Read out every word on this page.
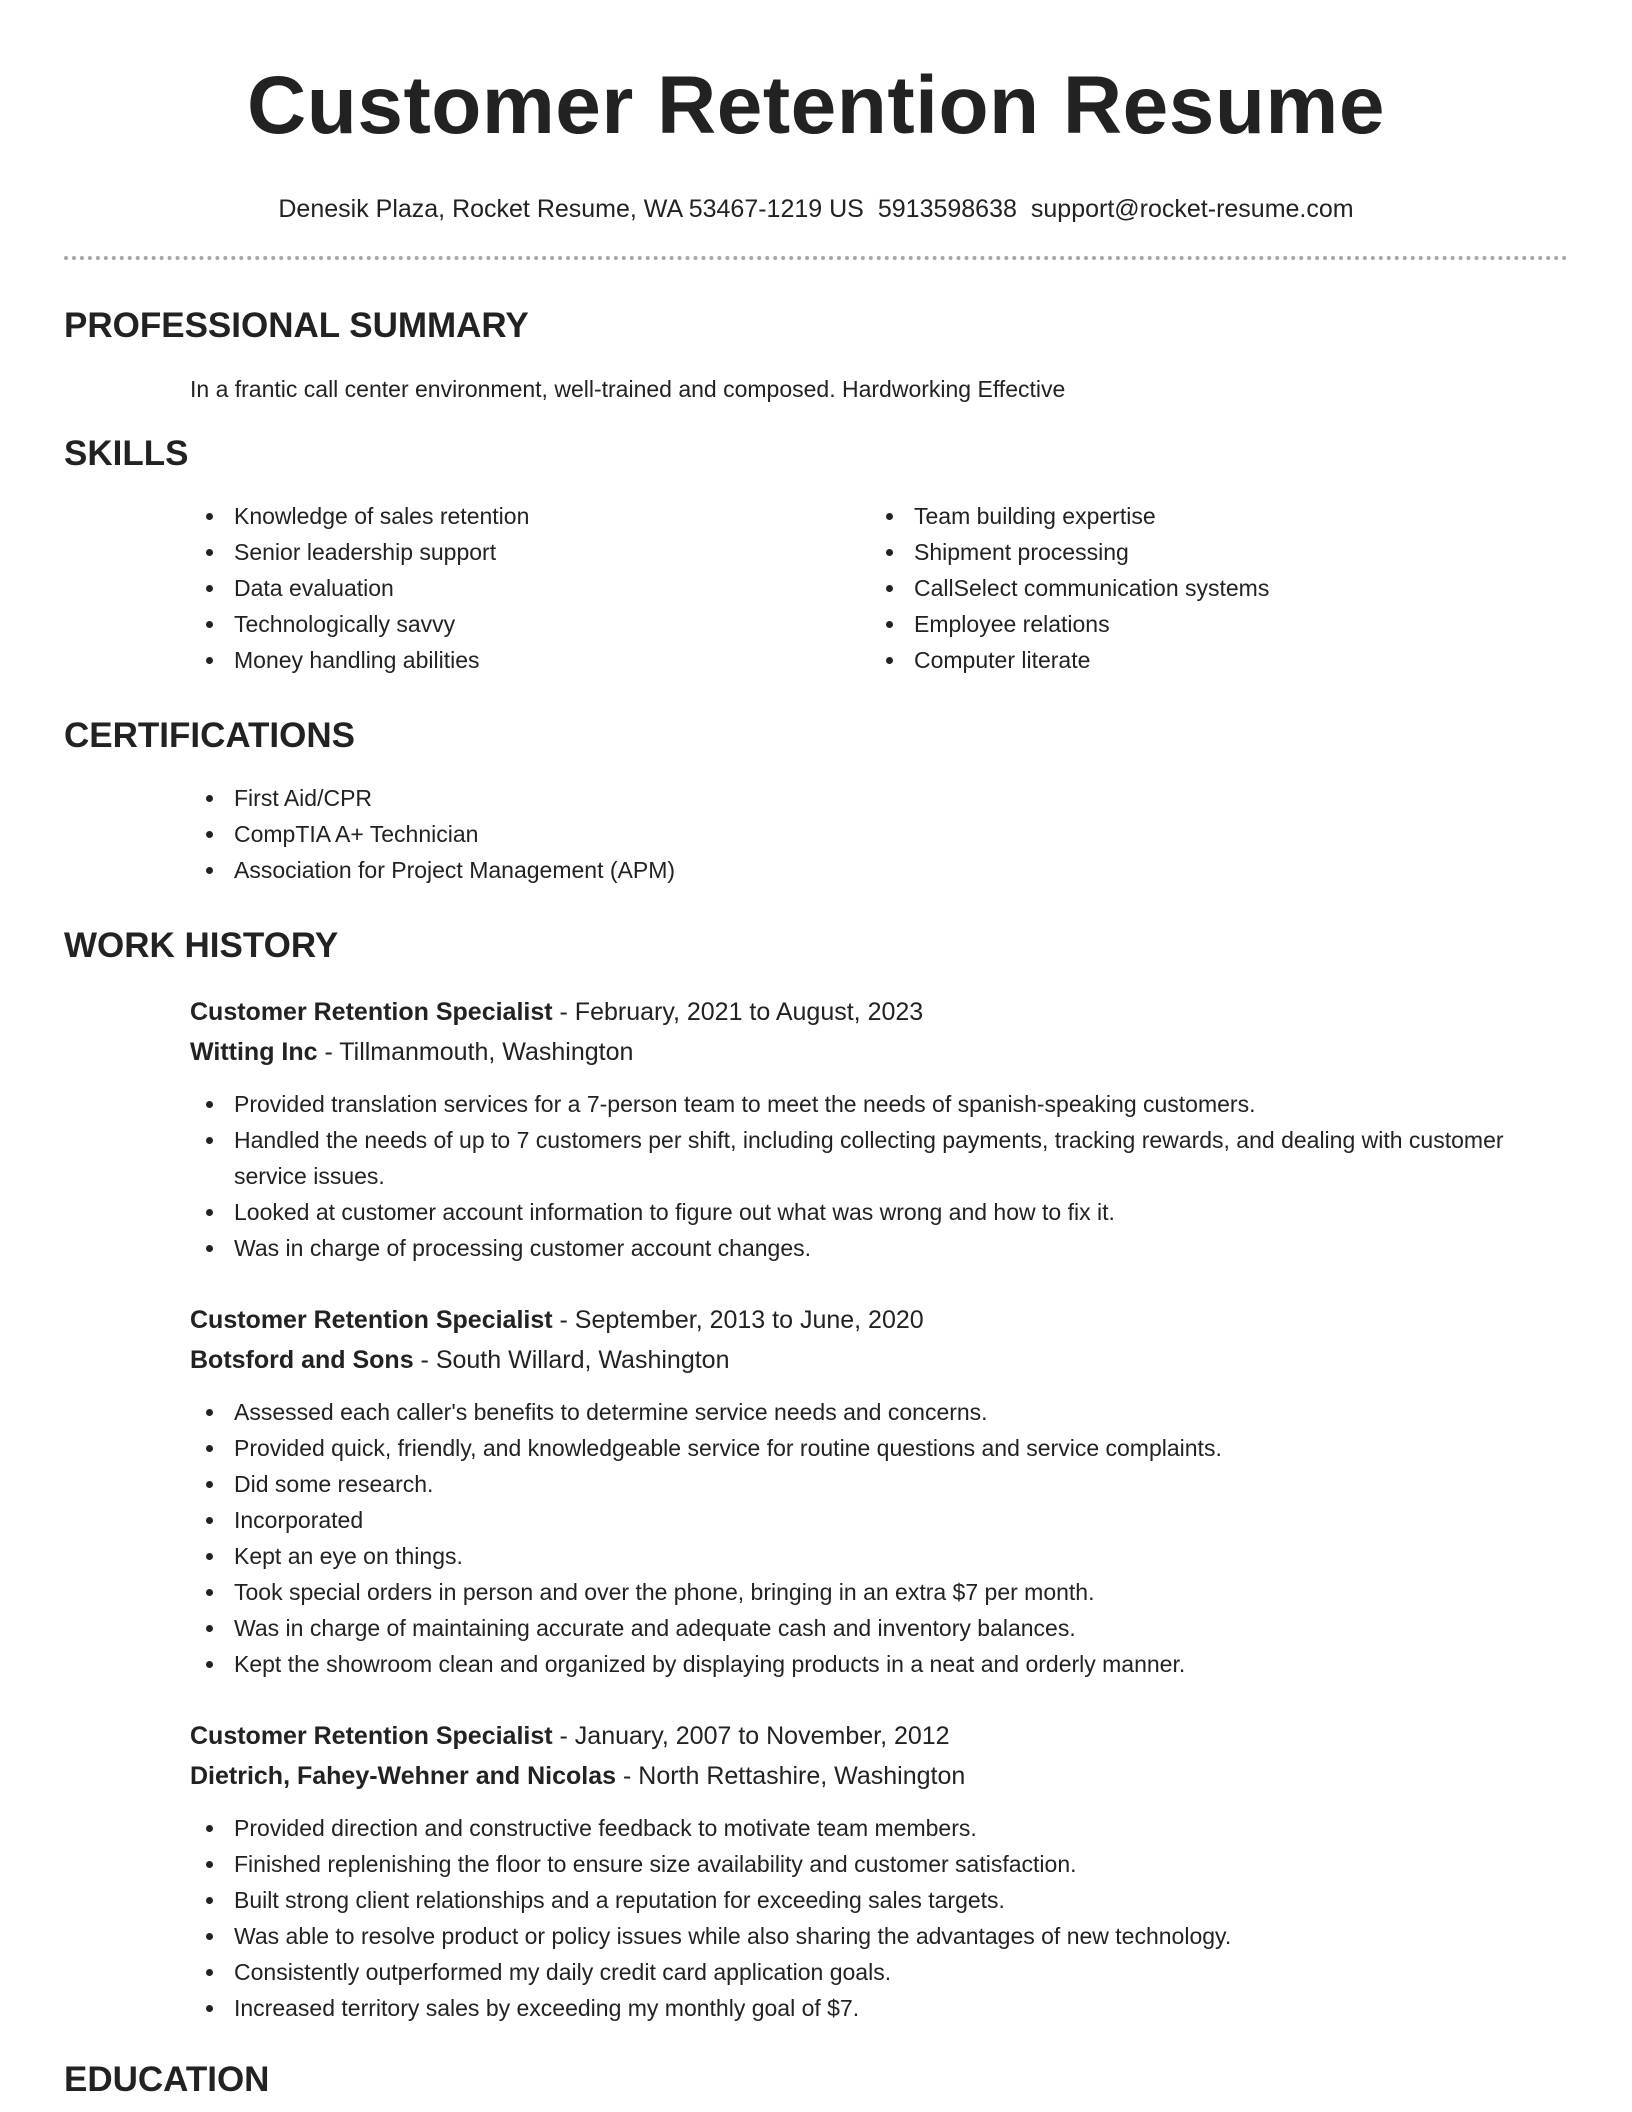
Customer Retention Resume
Denesik Plaza, Rocket Resume, WA 53467-1219 US 5913598638 support@rocket-resume.com
PROFESSIONAL SUMMARY

In a frantic call center environment, well-trained and composed. Hardworking Effective

SKILLS
Knowledge of sales retention
Senior leadership support
Data evaluation
Technologically savvy
Money handling abilities
Team building expertise
Shipment processing
CallSelect communication systems
Employee relations
Computer literate
CERTIFICATIONS
First Aid/CPR
CompTIA A+ Technician
Association for Project Management (APM)
WORK HISTORY
Customer Retention Specialist - February, 2021 to August, 2023
Witting Inc - Tillmanmouth, Washington
Provided translation services for a 7-person team to meet the needs of spanish-speaking customers.
Handled the needs of up to 7 customers per shift, including collecting payments, tracking rewards, and dealing with customer service issues.
Looked at customer account information to figure out what was wrong and how to fix it.
Was in charge of processing customer account changes.
Customer Retention Specialist - September, 2013 to June, 2020
Botsford and Sons - South Willard, Washington
Assessed each caller's benefits to determine service needs and concerns.
Provided quick, friendly, and knowledgeable service for routine questions and service complaints.
Did some research.
Incorporated
Kept an eye on things.
Took special orders in person and over the phone, bringing in an extra $7 per month.
Was in charge of maintaining accurate and adequate cash and inventory balances.
Kept the showroom clean and organized by displaying products in a neat and orderly manner.
Customer Retention Specialist - January, 2007 to November, 2012
Dietrich, Fahey-Wehner and Nicolas - North Rettashire, Washington
Provided direction and constructive feedback to motivate team members.
Finished replenishing the floor to ensure size availability and customer satisfaction.
Built strong client relationships and a reputation for exceeding sales targets.
Was able to resolve product or policy issues while also sharing the advantages of new technology.
Consistently outperformed my daily credit card application goals.
Increased territory sales by exceeding my monthly goal of $7.
EDUCATION
